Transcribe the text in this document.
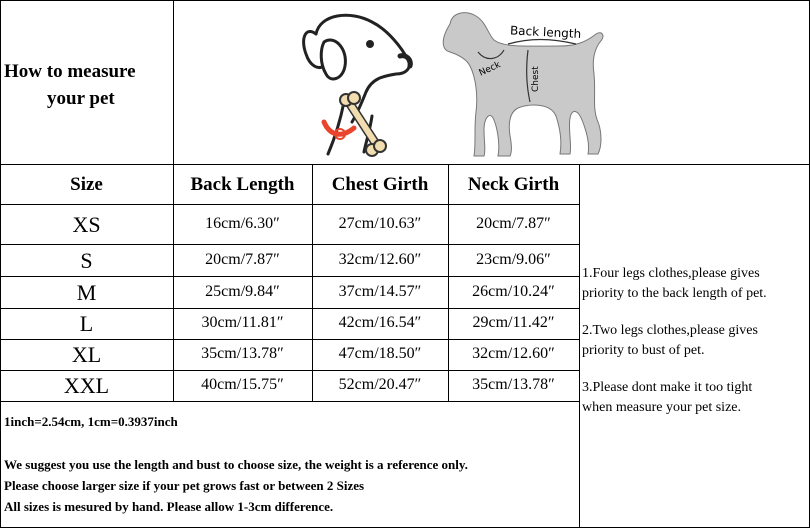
How to measure
your pet
Back length
Neck	Chest
Size	Back Length	Chest Girth	Neck Girth
XS	16cm/6.30″	27cm/10.63″	20cm/7.87″
S	20cm/7.87″	32cm/12.60″	23cm/9.06″
M	25cm/9.84″	37cm/14.57″	26cm/10.24″
L	30cm/11.81″	42cm/16.54″	29cm/11.42″
XL	35cm/13.78″	47cm/18.50″	32cm/12.60″
XXL	40cm/15.75″	52cm/20.47″	35cm/13.78″
1.Four legs clothes,please gives
priority to the back length of pet.
2.Two legs clothes,please gives
priority to bust of pet.
3.Please dont make it too tight
when measure your pet size.
1inch=2.54cm, 1cm=0.3937inch
We suggest you use the length and bust to choose size, the weight is a reference only.
Please choose larger size if your pet grows fast or between 2 Sizes
All sizes is mesured by hand. Please allow 1-3cm difference.
